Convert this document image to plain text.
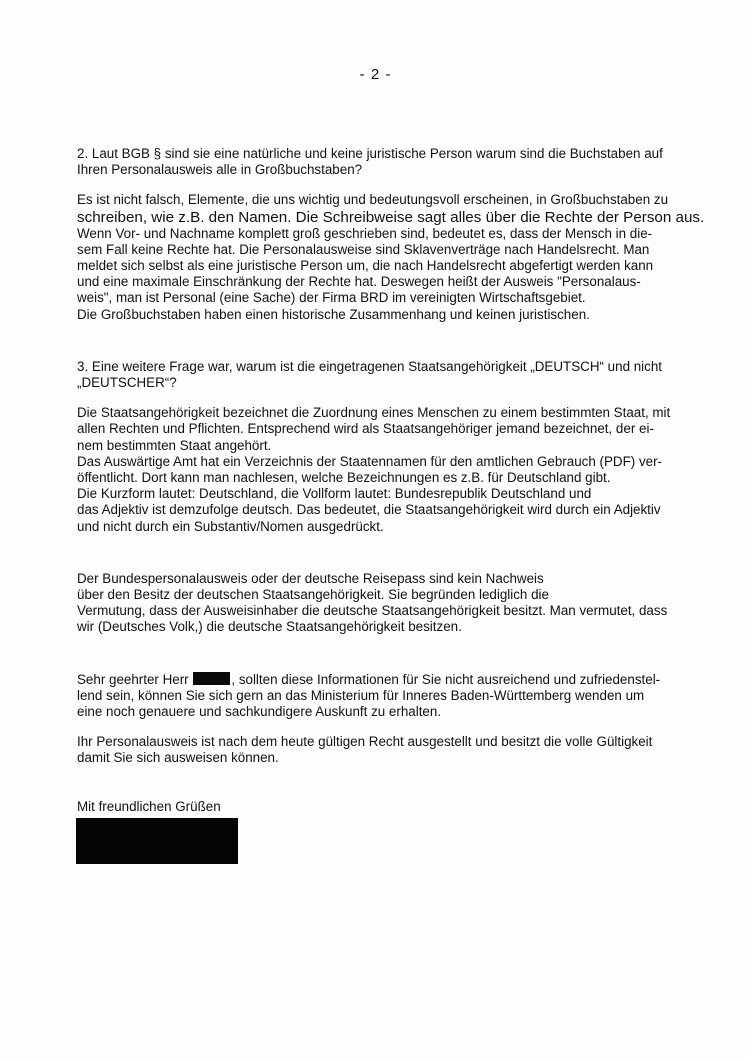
- 2 -
2. Laut BGB § sind sie eine natürliche und keine juristische Person warum sind die Buchstaben auf
Ihren Personalausweis alle in Großbuchstaben?
Es ist nicht falsch, Elemente, die uns wichtig und bedeutungsvoll erscheinen, in Großbuchstaben zu
schreiben, wie z.B. den Namen. Die Schreibweise sagt alles über die Rechte der Person aus.
Wenn Vor- und Nachname komplett groß geschrieben sind, bedeutet es, dass der Mensch in die-
sem Fall keine Rechte hat. Die Personalausweise sind Sklavenverträge nach Handelsrecht. Man
meldet sich selbst als eine juristische Person um, die nach Handelsrecht abgefertigt werden kann
und eine maximale Einschränkung der Rechte hat. Deswegen heißt der Ausweis "Personalaus-
weis", man ist Personal (eine Sache) der Firma BRD im vereinigten Wirtschaftsgebiet.
Die Großbuchstaben haben einen historische Zusammenhang und keinen juristischen.
3. Eine weitere Frage war, warum ist die eingetragenen Staatsangehörigkeit „DEUTSCH“ und nicht
„DEUTSCHER“?
Die Staatsangehörigkeit bezeichnet die Zuordnung eines Menschen zu einem bestimmten Staat, mit
allen Rechten und Pflichten. Entsprechend wird als Staatsangehöriger jemand bezeichnet, der ei-
nem bestimmten Staat angehört.
Das Auswärtige Amt hat ein Verzeichnis der Staatennamen für den amtlichen Gebrauch (PDF) ver-
öffentlicht. Dort kann man nachlesen, welche Bezeichnungen es z.B. für Deutschland gibt.
Die Kurzform lautet: Deutschland, die Vollform lautet: Bundesrepublik Deutschland und
das Adjektiv ist demzufolge deutsch. Das bedeutet, die Staatsangehörigkeit wird durch ein Adjektiv
und nicht durch ein Substantiv/Nomen ausgedrückt.
Der Bundespersonalausweis oder der deutsche Reisepass sind kein Nachweis
über den Besitz der deutschen Staatsangehörigkeit. Sie begründen lediglich die
Vermutung, dass der Ausweisinhaber die deutsche Staatsangehörigkeit besitzt. Man vermutet, dass
wir (Deutsches Volk,) die deutsche Staatsangehörigkeit besitzen.
Sehr geehrter Herr	, sollten diese Informationen für Sie nicht ausreichend und zufriedenstel-
lend sein, können Sie sich gern an das Ministerium für Inneres Baden-Württemberg wenden um
eine noch genauere und sachkundigere Auskunft zu erhalten.
Ihr Personalausweis ist nach dem heute gültigen Recht ausgestellt und besitzt die volle Gültigkeit
damit Sie sich ausweisen können.
Mit freundlichen Grüßen
